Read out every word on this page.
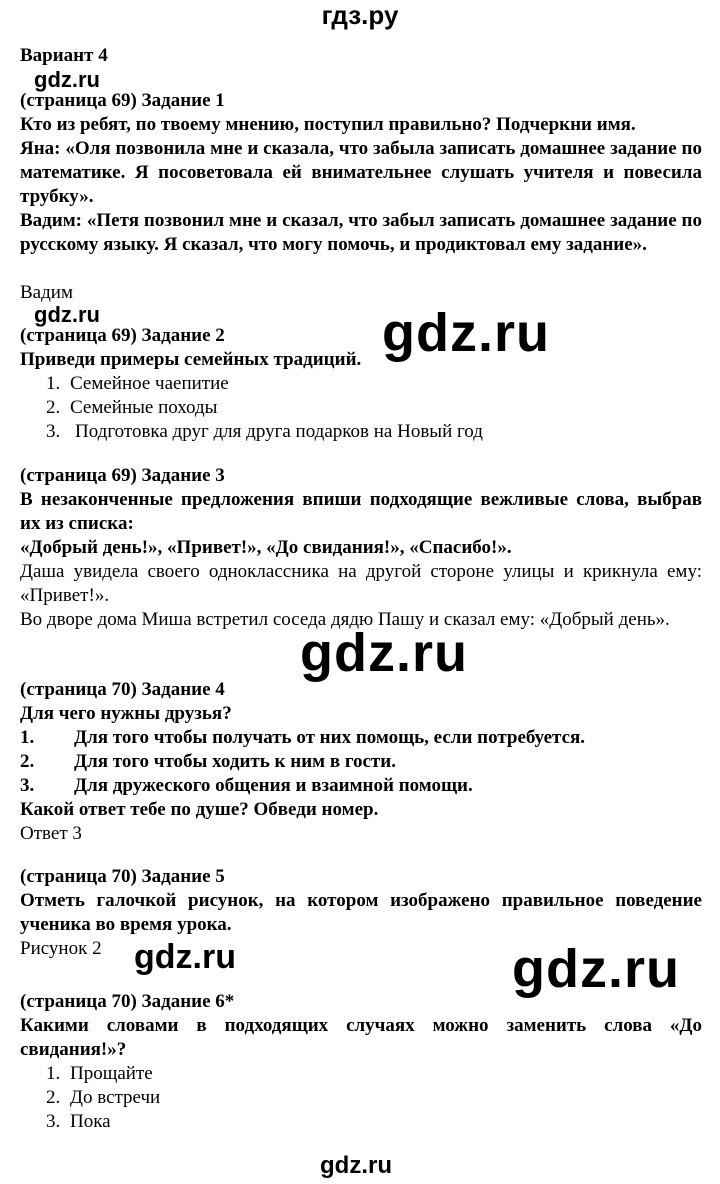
гдз.ру
Вариант 4
gdz.ru
gdz.ru	gdz.ru
gdz.ru
gdz.ru	gdz.ru
gdz.ru
(страница 69) Задание 1
Кто из ребят, по твоему мнению, поступил правильно? Подчеркни имя.
Яна: «Оля позвонила мне и сказала, что забыла записать домашнее задание по математике. Я посоветовала ей внимательнее слушать учителя и повесила трубку».
Вадим: «Петя позвонил мне и сказал, что забыл записать домашнее задание по русскому языку. Я сказал, что могу помочь, и продиктовал ему задание».
Вадим
(страница 69) Задание 2
Приведи примеры семейных традиций.
1. Семейное чаепитие
2. Семейные походы
3. Подготовка друг для друга подарков на Новый год
(страница 69) Задание 3
В незаконченные предложения впиши подходящие вежливые слова, выбрав их из списка:
«Добрый день!», «Привет!», «До свидания!», «Спасибо!».
Даша увидела своего одноклассника на другой стороне улицы и крикнула ему: «Привет!».
Во дворе дома Миша встретил соседа дядю Пашу и сказал ему: «Добрый день».
(страница 70) Задание 4
Для чего нужны друзья?
1. Для того чтобы получать от них помощь, если потребуется.
2. Для того чтобы ходить к ним в гости.
3. Для дружеского общения и взаимной помощи.
Какой ответ тебе по душе? Обведи номер.
Ответ 3
(страница 70) Задание 5
Отметь галочкой рисунок, на котором изображено правильное поведение ученика во время урока.
Рисунок 2
(страница 70) Задание 6*
Какими словами в подходящих случаях можно заменить слова «До свидания!»?
1. Прощайте
2. До встречи
3. Пока
